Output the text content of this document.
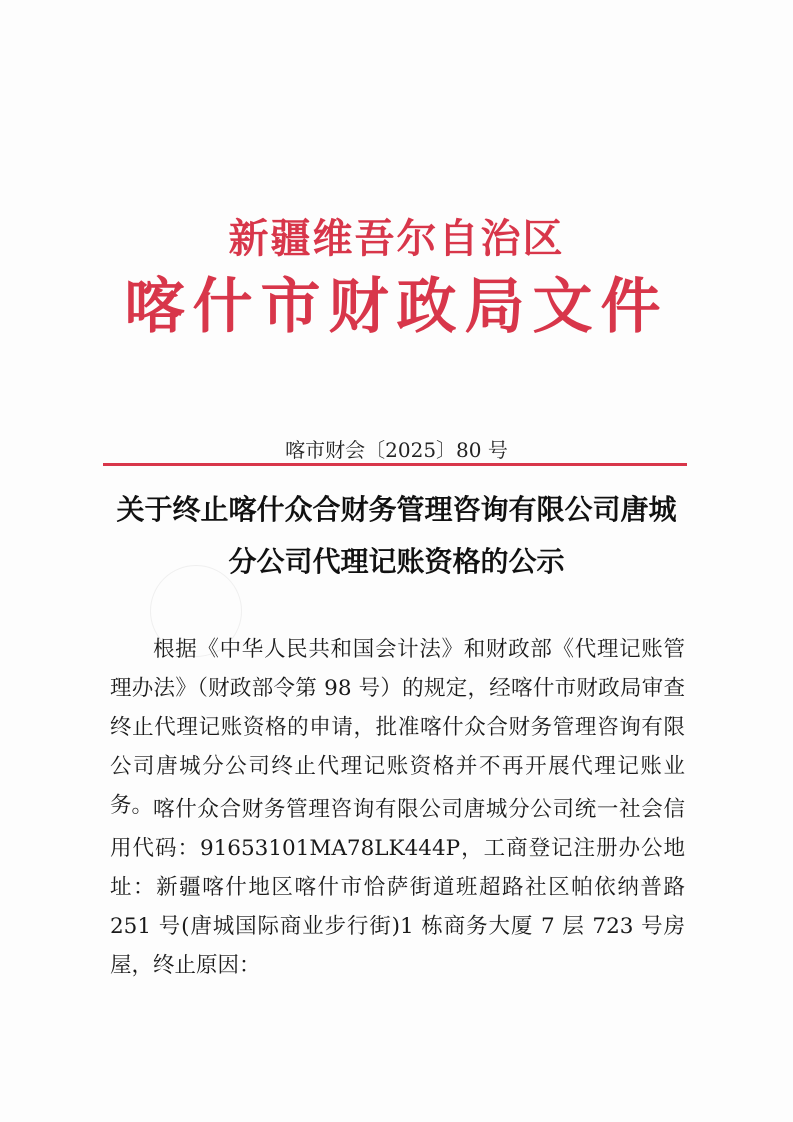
新疆维吾尔自治区
喀什市财政局文件
喀市财会〔2025〕80 号
关于终止喀什众合财务管理咨询有限公司唐城
分公司代理记账资格的公示
根据《中华人民共和国会计法》和财政部《代理记账管理办法》（财政部令第 98 号）的规定，经喀什市财政局审查终止代理记账资格的申请，批准喀什众合财务管理咨询有限公司唐城分公司终止代理记账资格并不再开展代理记账业务。 喀什众合财务管理咨询有限公司唐城分公司统一社会信用代码：91653101MA78LK444P，工商登记注册办公地址：新疆喀什地区喀什市恰萨街道班超路社区帕依纳普路 251 号(唐城国际商业步行街)1 栋商务大厦 7 层 723 号房屋，终止原因：
